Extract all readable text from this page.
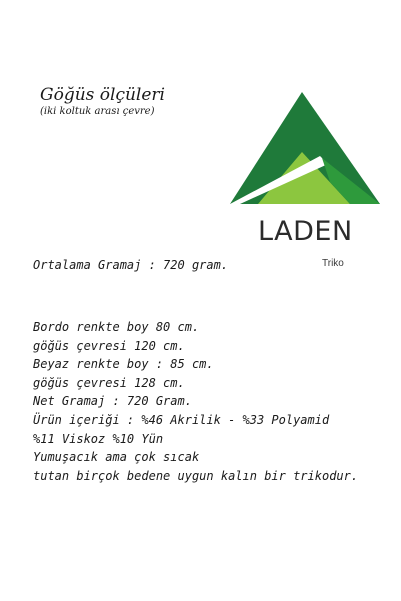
Göğüs ölçüleri
(iki koltuk arası çevre)
LADEN
Triko
Ortalama Gramaj : 720 gram.
Bordo renkte boy 80 cm.
göğüs çevresi 120 cm.
Beyaz renkte boy : 85 cm.
göğüs çevresi 128 cm.
Net Gramaj : 720 Gram.
Ürün içeriği : %46 Akrilik - %33 Polyamid
%11 Viskoz %10 Yün
Yumuşacık ama çok sıcak
tutan birçok bedene uygun kalın bir trikodur.
